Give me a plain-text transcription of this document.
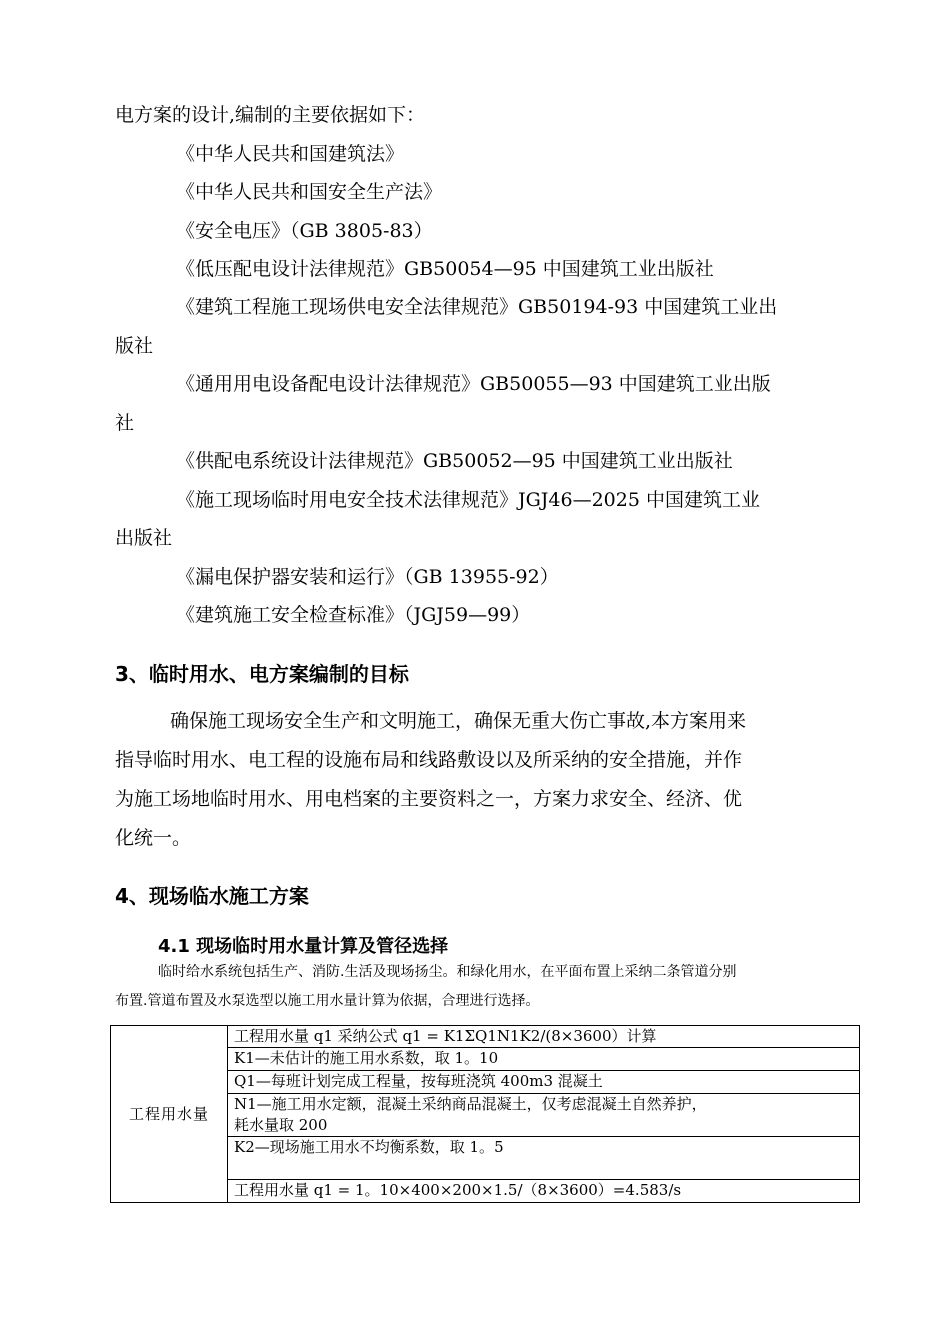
电方案的设计,编制的主要依据如下：
《中华人民共和国建筑法》
《中华人民共和国安全生产法》
《安全电压》（GB 3805-83）
《低压配电设计法律规范》GB50054—95 中国建筑工业出版社
《建筑工程施工现场供电安全法律规范》GB50194-93 中国建筑工业出
版社
《通用用电设备配电设计法律规范》GB50055—93 中国建筑工业出版
社
《供配电系统设计法律规范》GB50052—95 中国建筑工业出版社
《施工现场临时用电安全技术法律规范》JGJ46—2025 中国建筑工业
出版社
《漏电保护器安装和运行》（GB 13955-92）
《建筑施工安全检查标准》（JGJ59—99）
3、临时用水、电方案编制的目标
确保施工现场安全生产和文明施工，确保无重大伤亡事故,本方案用来
指导临时用水、电工程的设施布局和线路敷设以及所采纳的安全措施，并作
为施工场地临时用水、用电档案的主要资料之一，方案力求安全、经济、优
化统一。
4、现场临水施工方案
4.1 现场临时用水量计算及管径选择
临时给水系统包括生产、消防.生活及现场扬尘。和绿化用水，在平面布置上采纳二条管道分别
布置.管道布置及水泵选型以施工用水量计算为依据，合理进行选择。
工程用水量	工程用水量 q1 采纳公式 q1 = K1ΣQ1N1K2/(8×3600）计算
K1—未估计的施工用水系数，取 1。10
Q1—每班计划完成工程量，按每班浇筑 400m3 混凝土

N1—施工用水定额，混凝土采纳商品混凝土，仅考虑混凝土自然养护，
耗水量取 200

K2—现场施工用水不均衡系数，取 1。5
工程用水量 q1 = 1。10×400×200×1.5/（8×3600）=4.583/s
